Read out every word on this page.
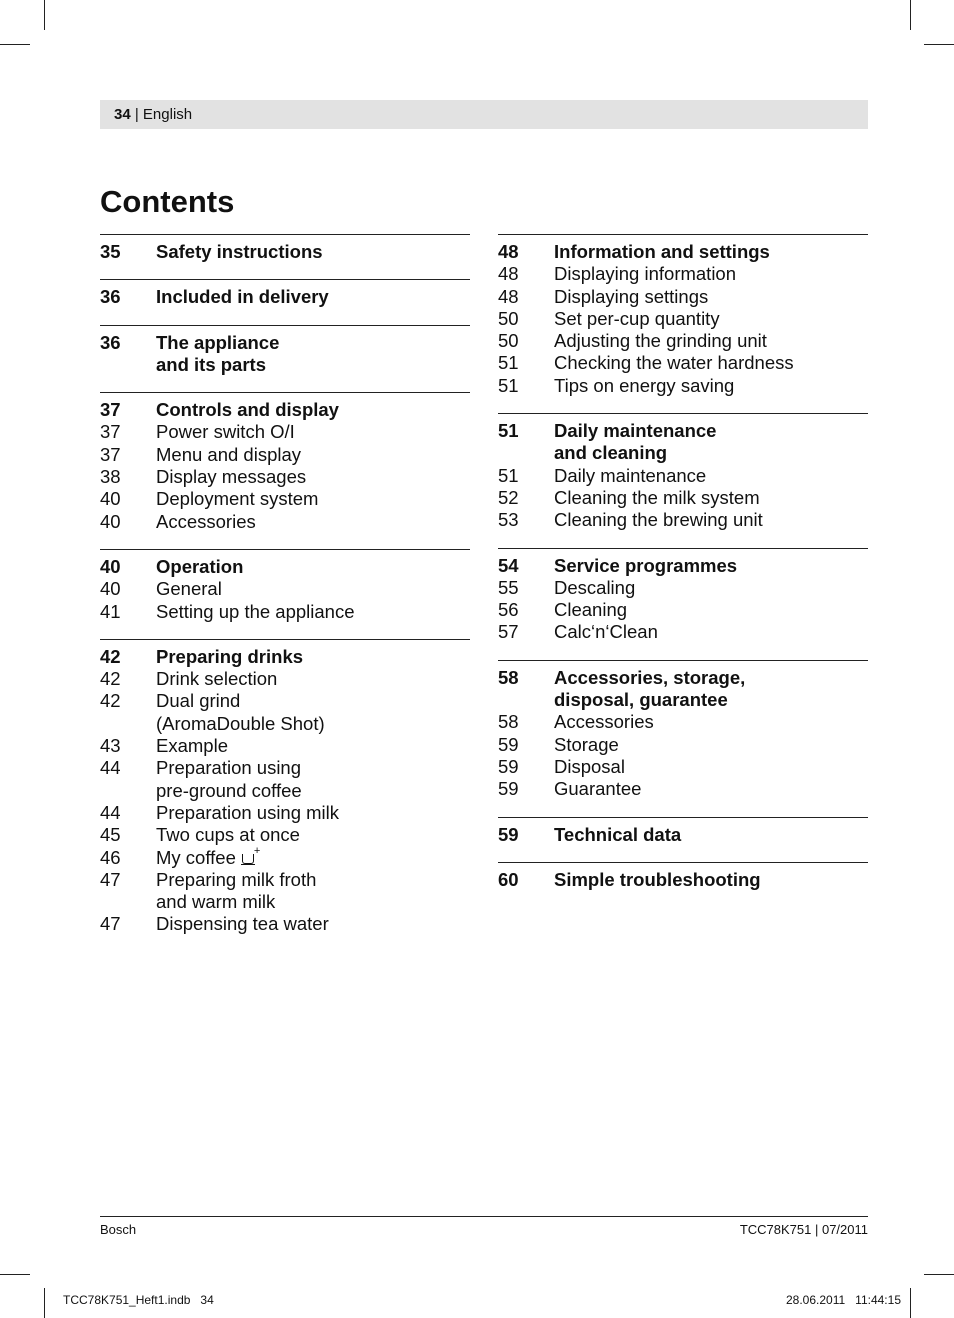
34 | English
Contents
35	Safety instructions
36	Included in delivery
36	The appliance
and its parts
37	Controls and display
37	Power switch O/I
37	Menu and display
38	Display messages
40	Deployment system
40	Accessories
40	Operation
40	General
41	Setting up the appliance
42	Preparing drinks
42	Drink selection
42	Dual grind
(AromaDouble Shot)
43	Example
44	Preparation using
pre-ground coffee
44	Preparation using milk
45	Two cups at once
46	My coffee +
47	Preparing milk froth
and warm milk
47	Dispensing tea water
48	Information and settings
48	Displaying information
48	Displaying settings
50	Set per-cup quantity
50	Adjusting the grinding unit
51	Checking the water hardness
51	Tips on energy saving
51	Daily maintenance
and cleaning
51	Daily maintenance
52	Cleaning the milk system
53	Cleaning the brewing unit
54	Service programmes
55	Descaling
56	Cleaning
57	Calc‘n‘Clean
58	Accessories, storage,
disposal, guarantee
58	Accessories
59	Storage
59	Disposal
59	Guarantee
59	Technical data
60	Simple troubleshooting
Bosch	TCC78K751 | 07/2011
TCC78K751_Heft1.indb   34	28.06.2011   11:44:15
